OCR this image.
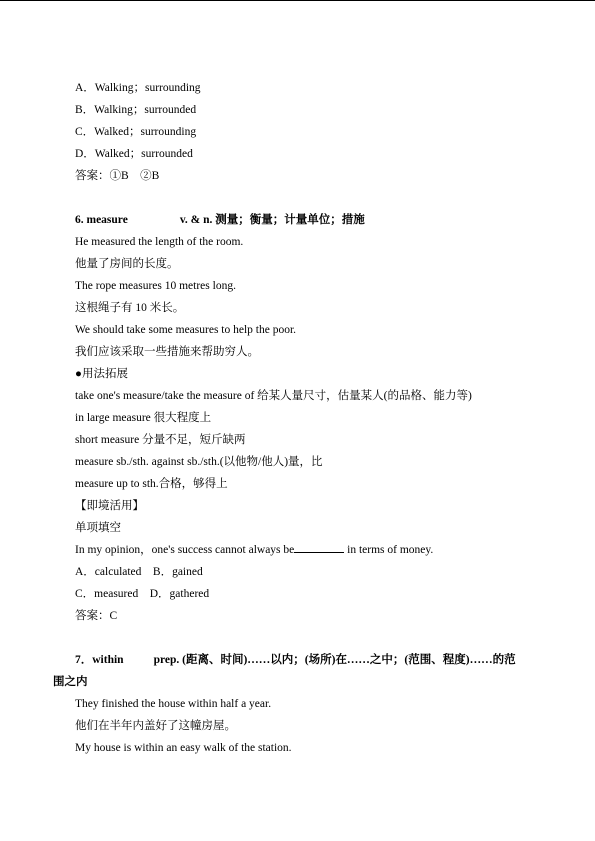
A．Walking；surrounding
B．Walking；surrounded
C．Walked；surrounding
D．Walked；surrounded
答案：①B　②B
6. measure	v. & n. 测量；衡量；计量单位；措施
He measured the length of the room.
他量了房间的长度。
The rope measures 10 metres long.
这根绳子有 10 米长。
We should take some measures to help the poor.
我们应该采取一些措施来帮助穷人。
●用法拓展
take one's measure/take the measure of 给某人量尺寸，估量某人(的品格、能力等)
in large measure 很大程度上
short measure 分量不足，短斤缺两
measure sb./sth. against sb./sth.(以他物/他人)量，比
measure up to sth.合格，够得上
【即境活用】
单项填空
In my opinion，one's success cannot always be	in terms of money.
A．calculated　B．gained
C．measured　D．gathered
答案：C
7．within	prep. (距离、时间)……以内；(场所)在……之中；(范围、程度)……的范
围之内
They finished the house within half a year.
他们在半年内盖好了这幢房屋。
My house is within an easy walk of the station.
